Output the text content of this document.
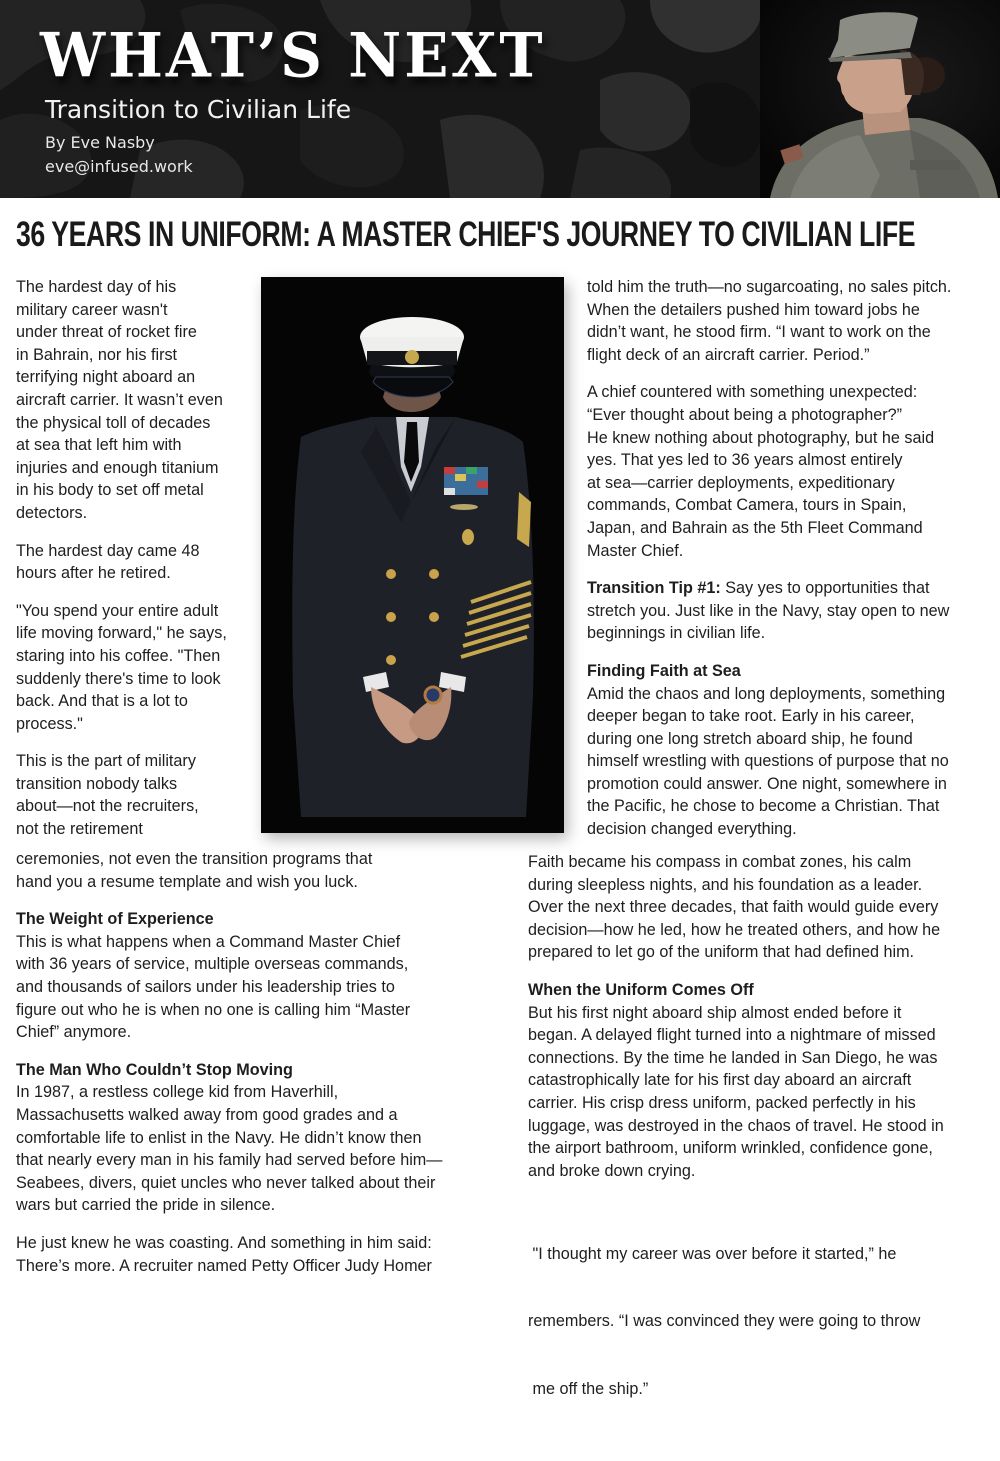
WHAT’S NEXT
Transition to Civilian Life
By Eve Nasby
eve@infused.work
36 YEARS IN UNIFORM: A MASTER CHIEF'S JOURNEY TO CIVILIAN LIFE

The hardest day of his
military career wasn't
under threat of rocket fire
in Bahrain, nor his first
terrifying night aboard an
aircraft carrier. It wasn’t even
the physical toll of decades
at sea that left him with
injuries and enough titanium
in his body to set off metal
detectors.

The hardest day came 48
hours after he retired.

"You spend your entire adult
life moving forward," he says,
staring into his coffee. "Then
suddenly there's time to look
back. And that is a lot to
process."

This is the part of military
transition nobody talks
about—not the recruiters,
not the retirement

told him the truth—no sugarcoating, no sales pitch.
When the detailers pushed him toward jobs he
didn’t want, he stood firm. “I want to work on the
flight deck of an aircraft carrier. Period.”

A chief countered with something unexpected:
“Ever thought about being a photographer?”
He knew nothing about photography, but he said
yes. That yes led to 36 years almost entirely
at sea—carrier deployments, expeditionary
commands, Combat Camera, tours in Spain,
Japan, and Bahrain as the 5th Fleet Command
Master Chief.

Transition Tip #1: Say yes to opportunities that
stretch you. Just like in the Navy, stay open to new
beginnings in civilian life.

Finding Faith at Sea
Amid the chaos and long deployments, something
deeper began to take root. Early in his career,
during one long stretch aboard ship, he found
himself wrestling with questions of purpose that no
promotion could answer. One night, somewhere in
the Pacific, he chose to become a Christian. That
decision changed everything.

ceremonies, not even the transition programs that
hand you a resume template and wish you luck.

The Weight of Experience
This is what happens when a Command Master Chief
with 36 years of service, multiple overseas commands,
and thousands of sailors under his leadership tries to
figure out who he is when no one is calling him “Master
Chief” anymore.

The Man Who Couldn’t Stop Moving
In 1987, a restless college kid from Haverhill,
Massachusetts walked away from good grades and a
comfortable life to enlist in the Navy. He didn’t know then
that nearly every man in his family had served before him—
Seabees, divers, quiet uncles who never talked about their
wars but carried the pride in silence.

He just knew he was coasting. And something in him said:
There’s more. A recruiter named Petty Officer Judy Homer

Faith became his compass in combat zones, his calm
during sleepless nights, and his foundation as a leader.
Over the next three decades, that faith would guide every
decision—how he led, how he treated others, and how he
prepared to let go of the uniform that had defined him.

When the Uniform Comes Off
But his first night aboard ship almost ended before it
began. A delayed flight turned into a nightmare of missed
connections. By the time he landed in San Diego, he was
catastrophically late for his first day aboard an aircraft
carrier. His crisp dress uniform, packed perfectly in his
luggage, was destroyed in the chaos of travel. He stood in
the airport bathroom, uniform wrinkled, confidence gone,
and broke down crying.

"I thought my career was over before it started,” he

remembers. “I was convinced they were going to throw

me off the ship.”
